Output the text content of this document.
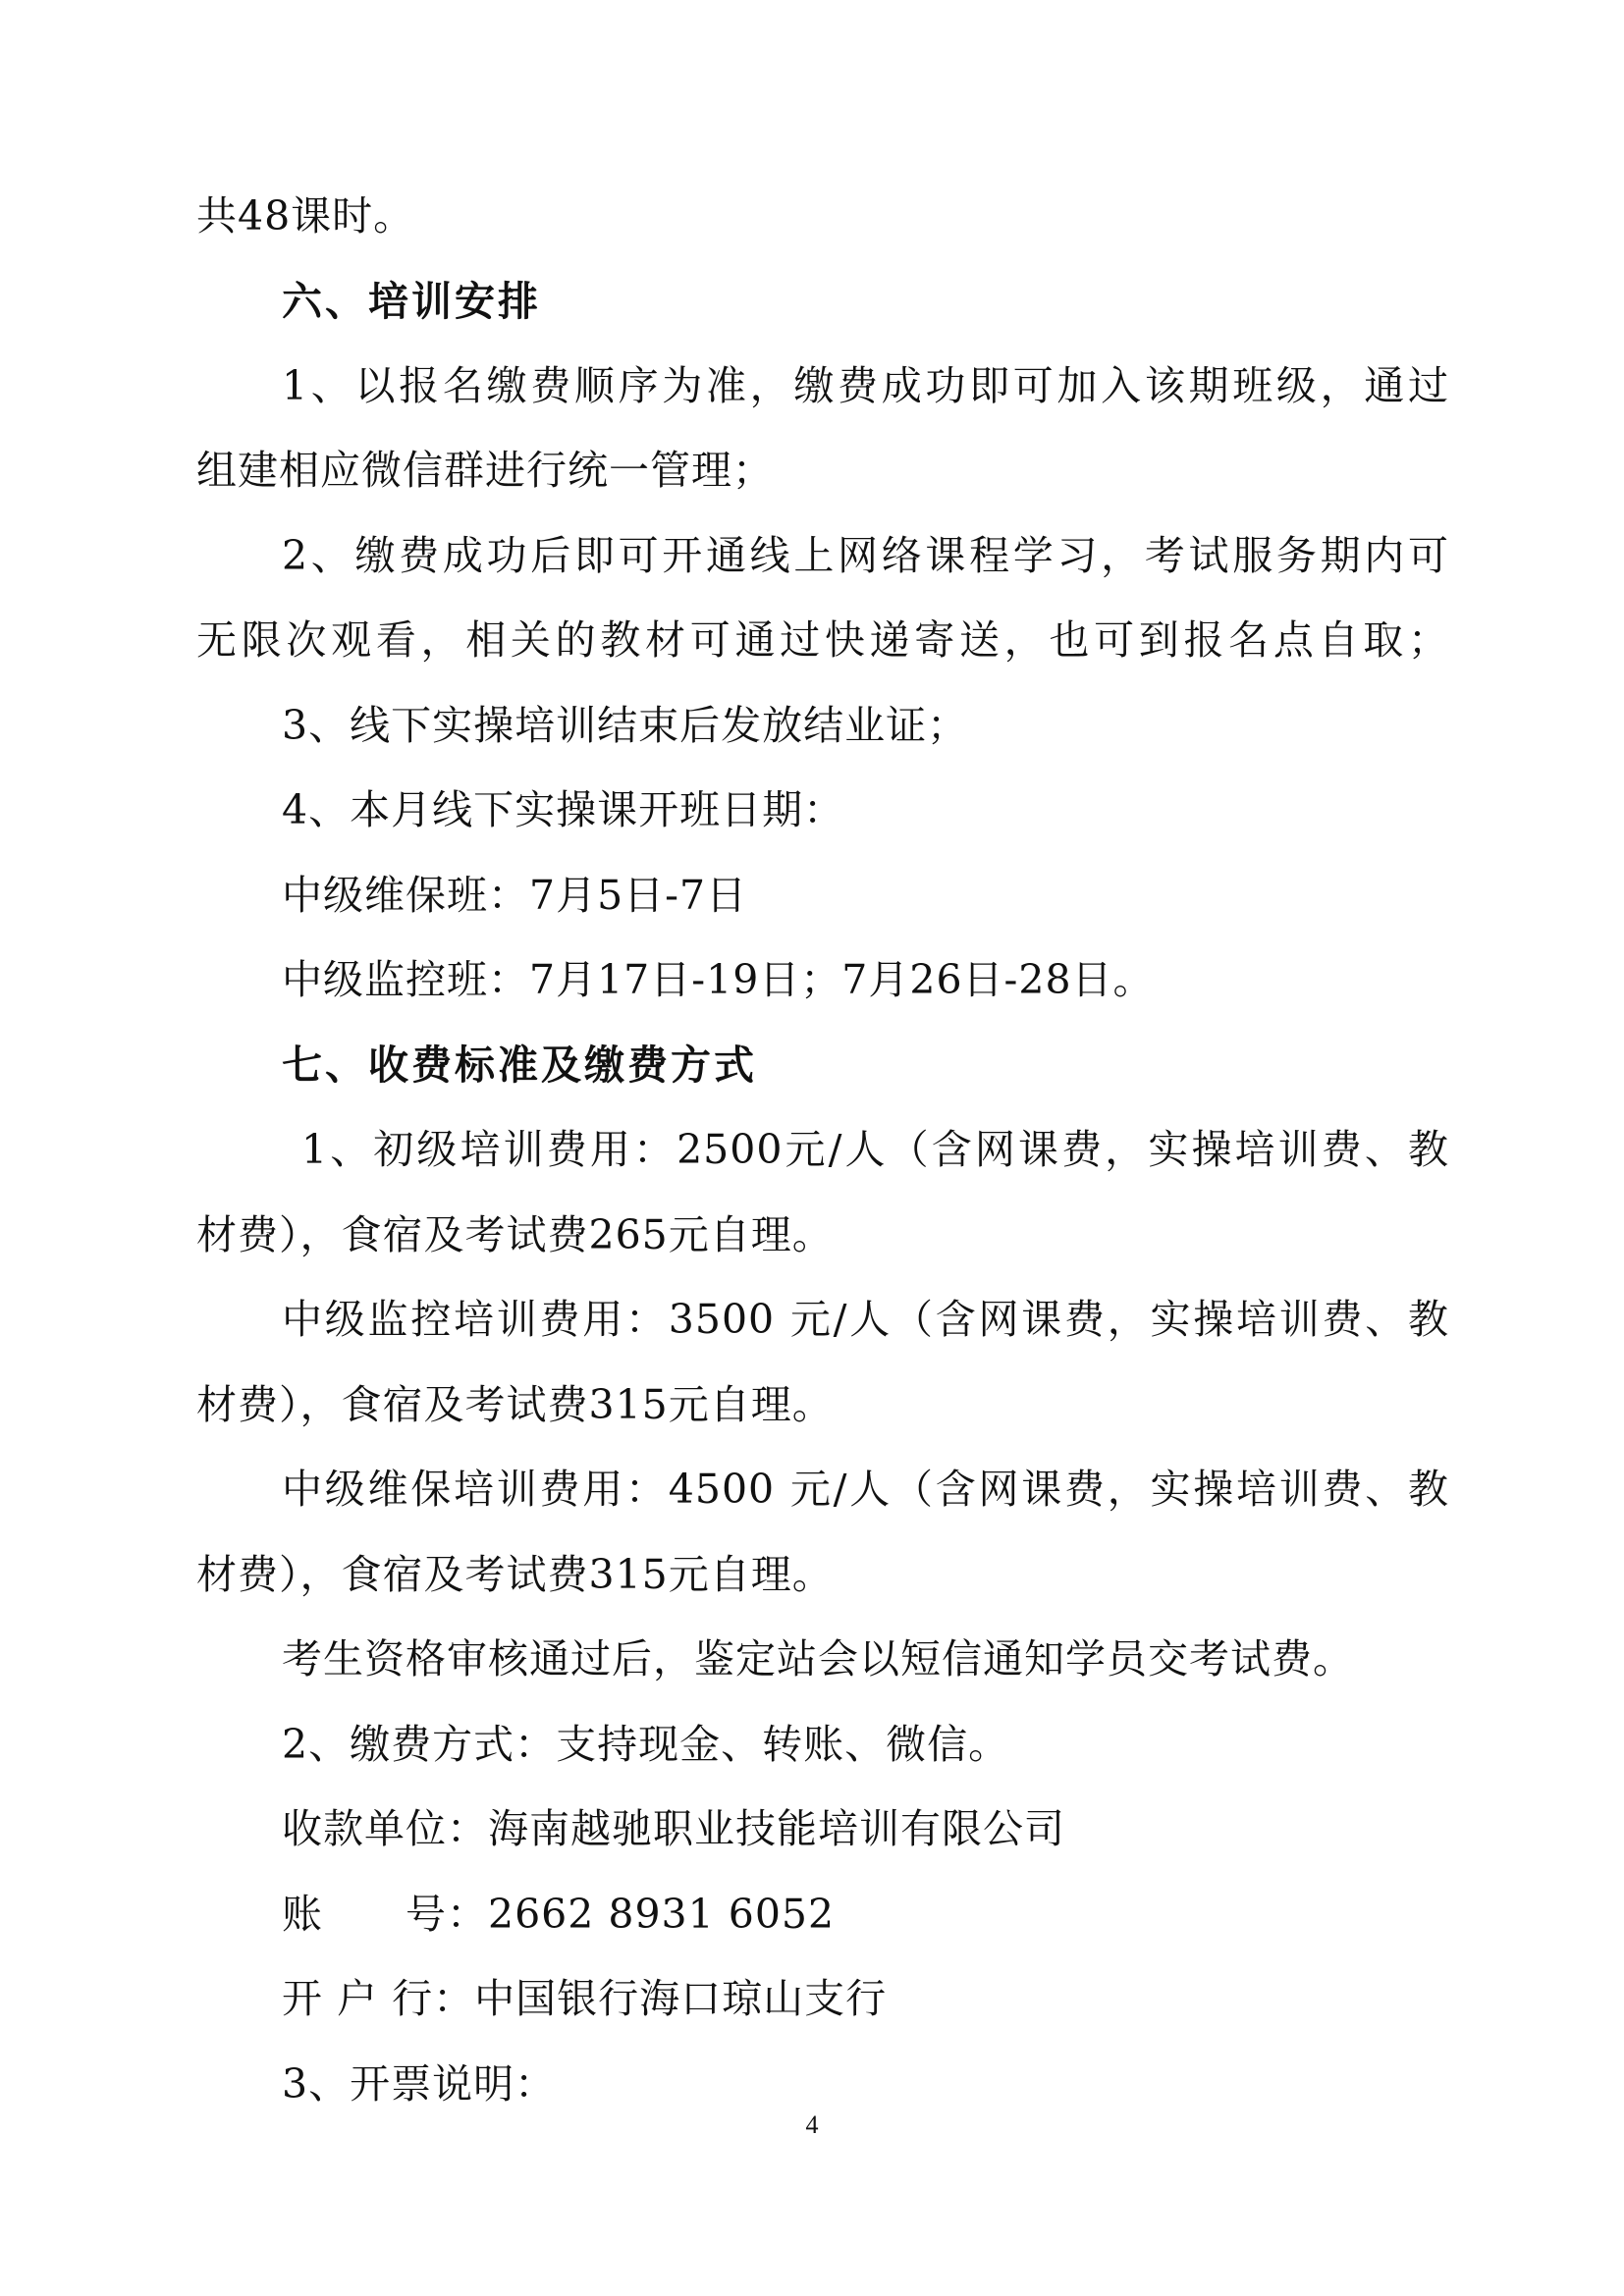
共48课时。
六、培训安排
1、以报名缴费顺序为准，缴费成功即可加入该期班级，通过
组建相应微信群进行统一管理；
2、缴费成功后即可开通线上网络课程学习，考试服务期内可
无限次观看，相关的教材可通过快递寄送，也可到报名点自取；
3、线下实操培训结束后发放结业证；
4、本月线下实操课开班日期：
中级维保班：7月5日-7日
中级监控班：7月17日-19日；7月26日-28日。
七、收费标准及缴费方式
1、初级培训费用：2500元/人（含网课费，实操培训费、教
材费），食宿及考试费265元自理。
中级监控培训费用：3500 元/人（含网课费，实操培训费、教
材费），食宿及考试费315元自理。
中级维保培训费用：4500 元/人（含网课费，实操培训费、教
材费），食宿及考试费315元自理。
考生资格审核通过后，鉴定站会以短信通知学员交考试费。
2、缴费方式：支持现金、转账、微信。
收款单位：海南越驰职业技能培训有限公司
账 号：2662 8931 6052
开 户 行：中国银行海口琼山支行
3、开票说明：
4
